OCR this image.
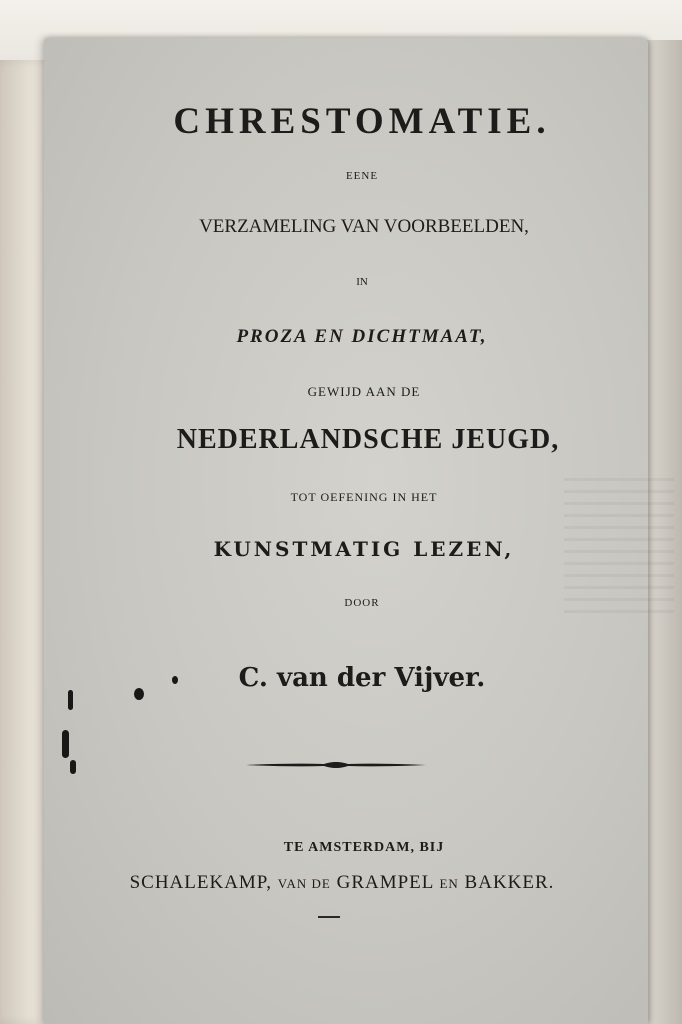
CHRESTOMATIE.
EENE
VERZAMELING VAN VOORBEELDEN,
IN
PROZA EN DICHTMAAT,
GEWIJD AAN DE
NEDERLANDSCHE JEUGD,
TOT OEFENING IN HET
KUNSTMATIG LEZEN,
DOOR
C. van der Vijver.
TE AMSTERDAM, BIJ
SCHALEKAMP, VAN DE GRAMPEL EN BAKKER.
